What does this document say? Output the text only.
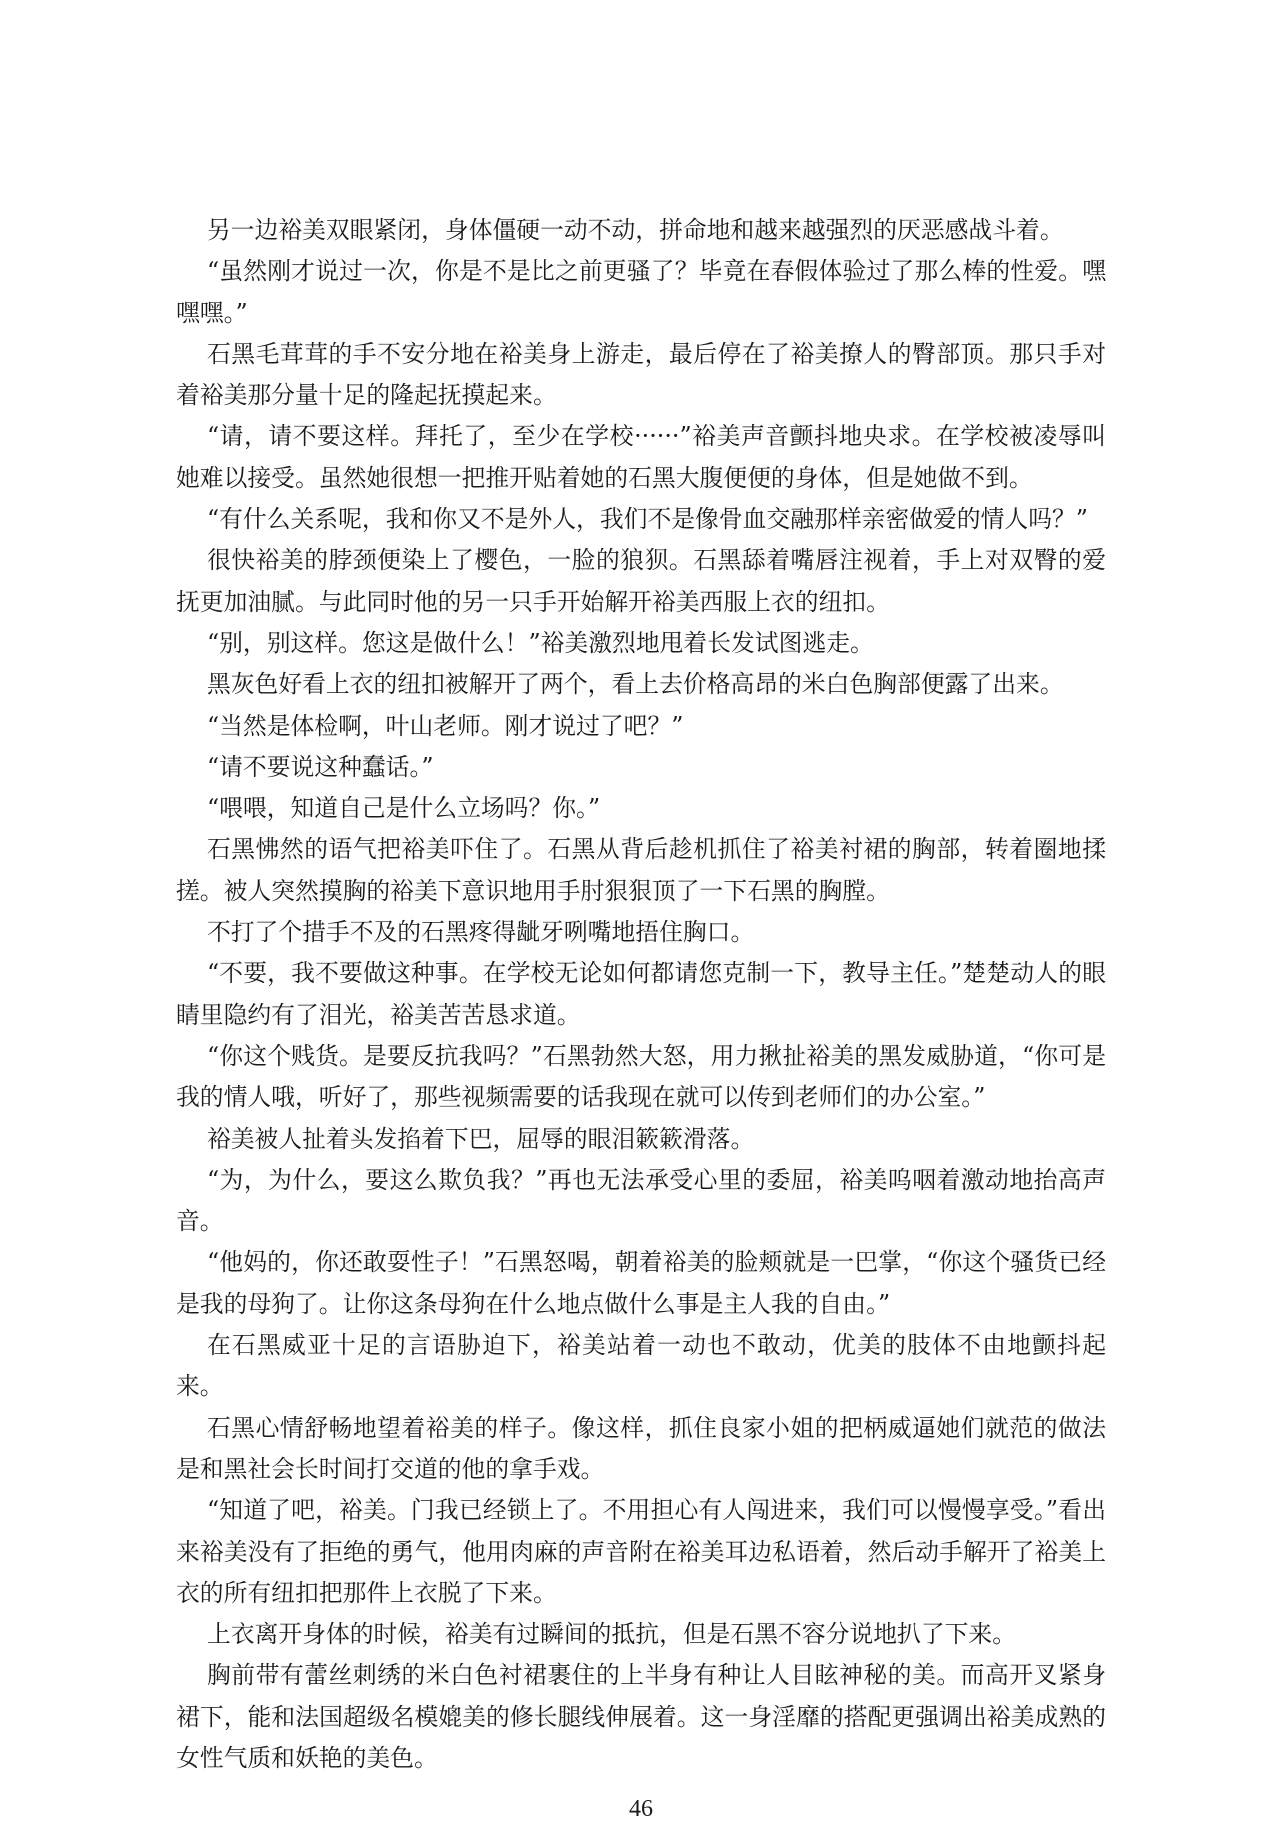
另一边裕美双眼紧闭，身体僵硬一动不动，拼命地和越来越强烈的厌恶感战斗着。

“虽然刚才说过一次，你是不是比之前更骚了？毕竟在春假体验过了那么棒的性爱。嘿嘿嘿。”

石黑毛茸茸的手不安分地在裕美身上游走，最后停在了裕美撩人的臀部顶。那只手对着裕美那分量十足的隆起抚摸起来。

“请，请不要这样。拜托了，至少在学校······”裕美声音颤抖地央求。在学校被凌辱叫她难以接受。虽然她很想一把推开贴着她的石黑大腹便便的身体，但是她做不到。

“有什么关系呢，我和你又不是外人，我们不是像骨血交融那样亲密做爱的情人吗？”

很快裕美的脖颈便染上了樱色，一脸的狼狈。石黑舔着嘴唇注视着，手上对双臀的爱抚更加油腻。与此同时他的另一只手开始解开裕美西服上衣的纽扣。

“别，别这样。您这是做什么！”裕美激烈地甩着长发试图逃走。

黑灰色好看上衣的纽扣被解开了两个，看上去价格高昂的米白色胸部便露了出来。

“当然是体检啊，叶山老师。刚才说过了吧？”

“请不要说这种蠢话。”

“喂喂，知道自己是什么立场吗？你。”

石黑怫然的语气把裕美吓住了。石黑从背后趁机抓住了裕美衬裙的胸部，转着圈地揉搓。被人突然摸胸的裕美下意识地用手肘狠狠顶了一下石黑的胸膛。

不打了个措手不及的石黑疼得龇牙咧嘴地捂住胸口。

“不要，我不要做这种事。在学校无论如何都请您克制一下，教导主任。”楚楚动人的眼睛里隐约有了泪光，裕美苦苦恳求道。

“你这个贱货。是要反抗我吗？”石黑勃然大怒，用力揪扯裕美的黑发威胁道，“你可是我的情人哦，听好了，那些视频需要的话我现在就可以传到老师们的办公室。”

裕美被人扯着头发掐着下巴，屈辱的眼泪簌簌滑落。

“为，为什么，要这么欺负我？”再也无法承受心里的委屈，裕美呜咽着激动地抬高声音。

“他妈的，你还敢耍性子！”石黑怒喝，朝着裕美的脸颊就是一巴掌，“你这个骚货已经是我的母狗了。让你这条母狗在什么地点做什么事是主人我的自由。”

在石黑威亚十足的言语胁迫下，裕美站着一动也不敢动，优美的肢体不由地颤抖起来。

石黑心情舒畅地望着裕美的样子。像这样，抓住良家小姐的把柄威逼她们就范的做法是和黑社会长时间打交道的他的拿手戏。

“知道了吧，裕美。门我已经锁上了。不用担心有人闯进来，我们可以慢慢享受。”看出来裕美没有了拒绝的勇气，他用肉麻的声音附在裕美耳边私语着，然后动手解开了裕美上衣的所有纽扣把那件上衣脱了下来。

上衣离开身体的时候，裕美有过瞬间的抵抗，但是石黑不容分说地扒了下来。

胸前带有蕾丝刺绣的米白色衬裙裹住的上半身有种让人目眩神秘的美。而高开叉紧身裙下，能和法国超级名模媲美的修长腿线伸展着。这一身淫靡的搭配更强调出裕美成熟的女性气质和妖艳的美色。

46
